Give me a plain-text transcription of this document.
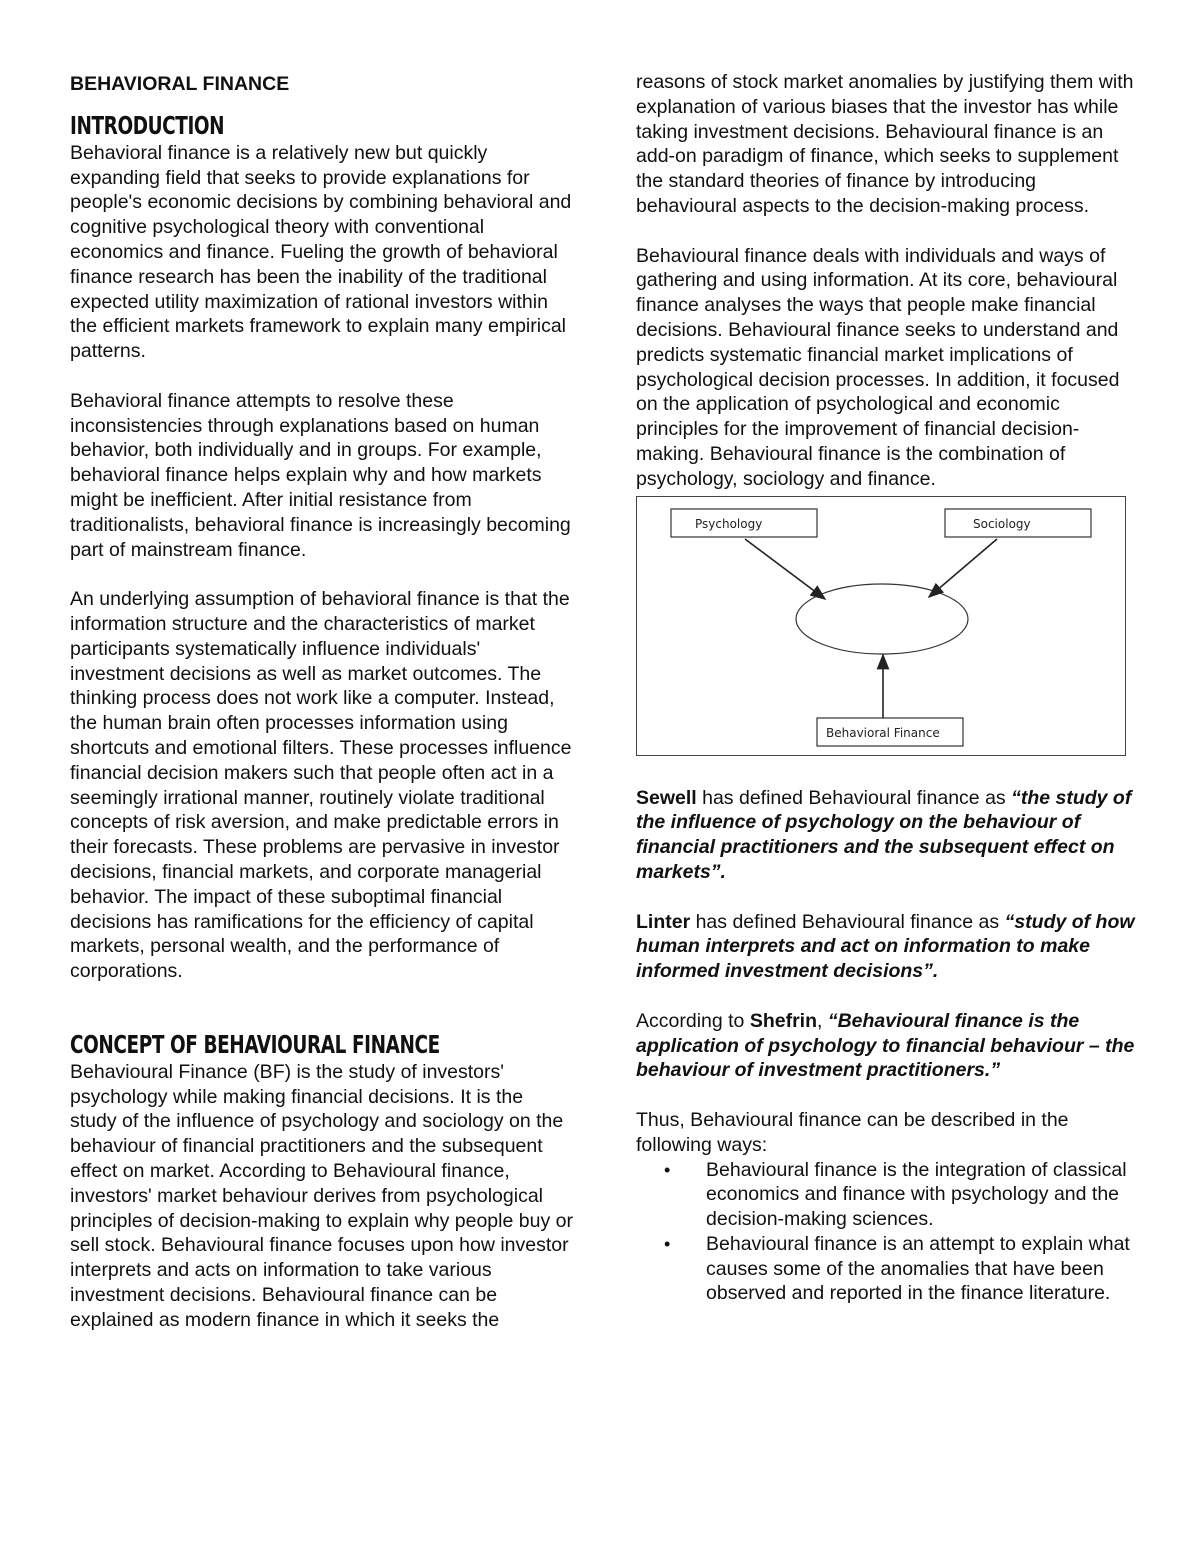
BEHAVIORAL FINANCE
INTRODUCTION

Behavioral finance is a relatively new but quickly expanding field that seeks to provide explanations for people's economic decisions by combining behavioral and cognitive psychological theory with conventional economics and finance. Fueling the growth of behavioral finance research has been the inability of the traditional expected utility maximization of rational investors within the efficient markets framework to explain many empirical patterns.

Behavioral finance attempts to resolve these inconsistencies through explanations based on human behavior, both individually and in groups. For example, behavioral finance helps explain why and how markets might be inefficient. After initial resistance from traditionalists, behavioral finance is increasingly becoming part of mainstream finance.

An underlying assumption of behavioral finance is that the information structure and the characteristics of market participants systematically influence individuals' investment decisions as well as market outcomes. The thinking process does not work like a computer. Instead, the human brain often processes information using shortcuts and emotional filters. These processes influence financial decision makers such that people often act in a seemingly irrational manner, routinely violate traditional concepts of risk aversion, and make predictable errors in their forecasts. These problems are pervasive in investor decisions, financial markets, and corporate managerial behavior. The impact of these suboptimal financial decisions has ramifications for the efficiency of capital markets, personal wealth, and the performance of corporations.

CONCEPT OF BEHAVIOURAL FINANCE

Behavioural Finance (BF) is the study of investors' psychology while making financial decisions. It is the study of the influence of psychology and sociology on the behaviour of financial practitioners and the subsequent effect on market. According to Behavioural finance, investors' market behaviour derives from psychological principles of decision-making to explain why people buy or sell stock. Behavioural finance focuses upon how investor interprets and acts on information to take various investment decisions. Behavioural finance can be explained as modern finance in which it seeks the

reasons of stock market anomalies by justifying them with explanation of various biases that the investor has while taking investment decisions. Behavioural finance is an add-on paradigm of finance, which seeks to supplement the standard theories of finance by introducing behavioural aspects to the decision-making process.

Behavioural finance deals with individuals and ways of gathering and using information. At its core, behavioural finance analyses the ways that people make financial decisions. Behavioural finance seeks to understand and predicts systematic financial market implications of psychological decision processes. In addition, it focused on the application of psychological and economic principles for the improvement of financial decision- making. Behavioural finance is the combination of psychology, sociology and finance.

Psychology	Sociology
Behavioral Finance

Sewell has defined Behavioural finance as “the study of the influence of psychology on the behaviour of financial practitioners and the subsequent effect on markets”.

Linter has defined Behavioural finance as “study of how human interprets and act on information to make informed investment decisions”.

According to Shefrin, “Behavioural finance is the application of psychology to financial behaviour – the behaviour of investment practitioners.”

Thus, Behavioural finance can be described in the following ways:

• Behavioural finance is the integration of classical economics and finance with psychology and the decision-making sciences.
• Behavioural finance is an attempt to explain what causes some of the anomalies that have been observed and reported in the finance literature.
